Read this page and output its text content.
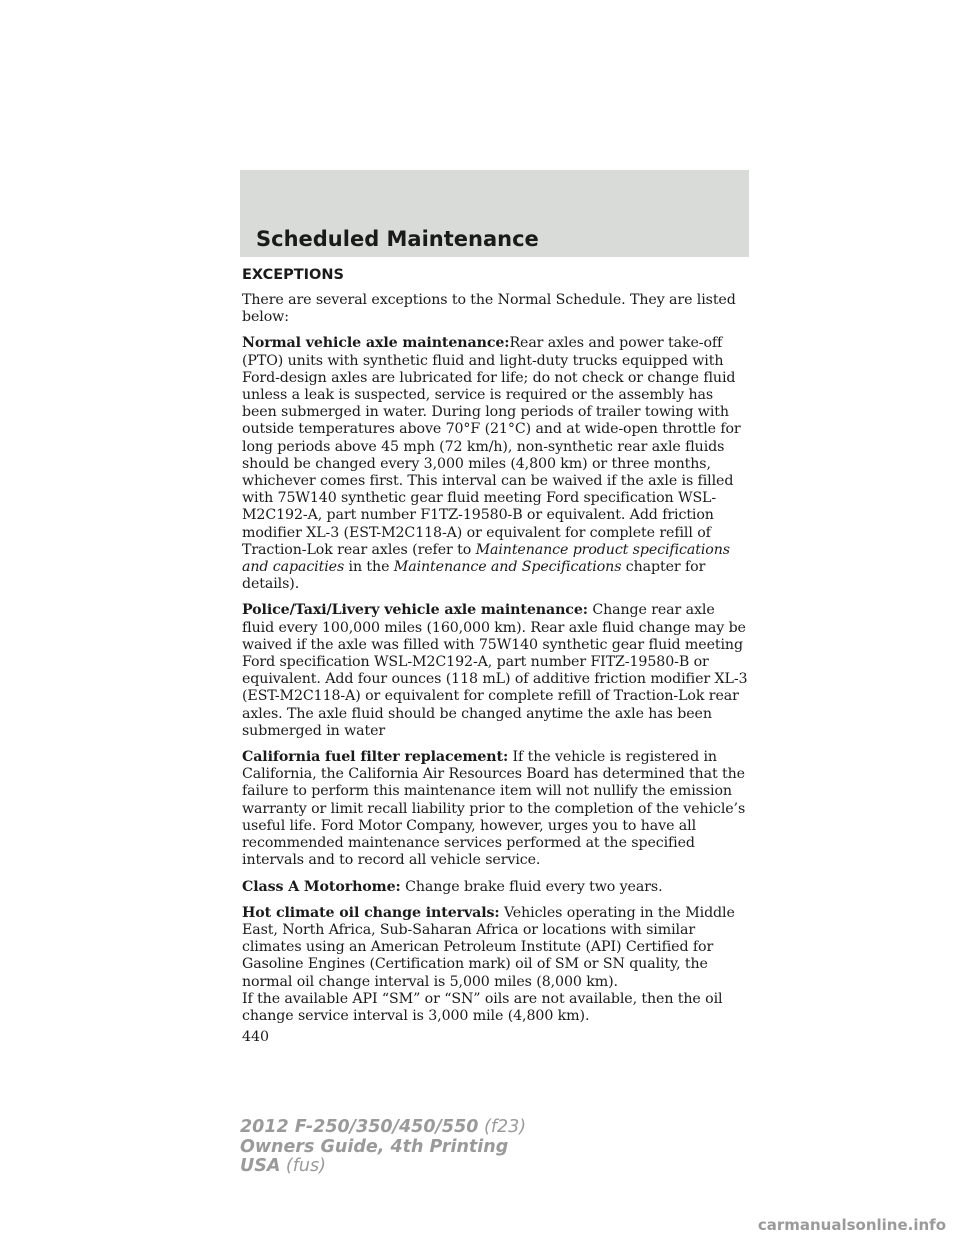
Scheduled Maintenance
EXCEPTIONS

There are several exceptions to the Normal Schedule. They are listed below:

Normal vehicle axle maintenance:Rear axles and power take-off (PTO) units with synthetic fluid and light-duty trucks equipped with Ford-design axles are lubricated for life; do not check or change fluid unless a leak is suspected, service is required or the assembly has been submerged in water. During long periods of trailer towing with outside temperatures above 70°F (21°C) and at wide-open throttle for long periods above 45 mph (72 km/h), non-synthetic rear axle fluids should be changed every 3,000 miles (4,800 km) or three months, whichever comes first. This interval can be waived if the axle is filled with 75W140 synthetic gear fluid meeting Ford specification WSL-M2C192-A, part number F1TZ-19580-B or equivalent. Add friction modifier XL-3 (EST-M2C118-A) or equivalent for complete refill of Traction-Lok rear axles (refer to Maintenance product specifications and capacities in the Maintenance and Specifications chapter for details).

Police/Taxi/Livery vehicle axle maintenance: Change rear axle fluid every 100,000 miles (160,000 km). Rear axle fluid change may be waived if the axle was filled with 75W140 synthetic gear fluid meeting Ford specification WSL-M2C192-A, part number FITZ-19580-B or equivalent. Add four ounces (118 mL) of additive friction modifier XL-3 (EST-M2C118-A) or equivalent for complete refill of Traction-Lok rear axles. The axle fluid should be changed anytime the axle has been submerged in water

California fuel filter replacement: If the vehicle is registered in California, the California Air Resources Board has determined that the failure to perform this maintenance item will not nullify the emission warranty or limit recall liability prior to the completion of the vehicle’s useful life. Ford Motor Company, however, urges you to have all recommended maintenance services performed at the specified intervals and to record all vehicle service.

Class A Motorhome: Change brake fluid every two years.

Hot climate oil change intervals: Vehicles operating in the Middle East, North Africa, Sub-Saharan Africa or locations with similar climates using an American Petroleum Institute (API) Certified for Gasoline Engines (Certification mark) oil of SM or SN quality, the normal oil change interval is 5,000 miles (8,000 km).

If the available API “SM” or “SN” oils are not available, then the oil change service interval is 3,000 mile (4,800 km).

440
2012 F-250/350/450/550 (f23)
Owners Guide, 4th Printing
USA (fus)
carmanualsonline.info
